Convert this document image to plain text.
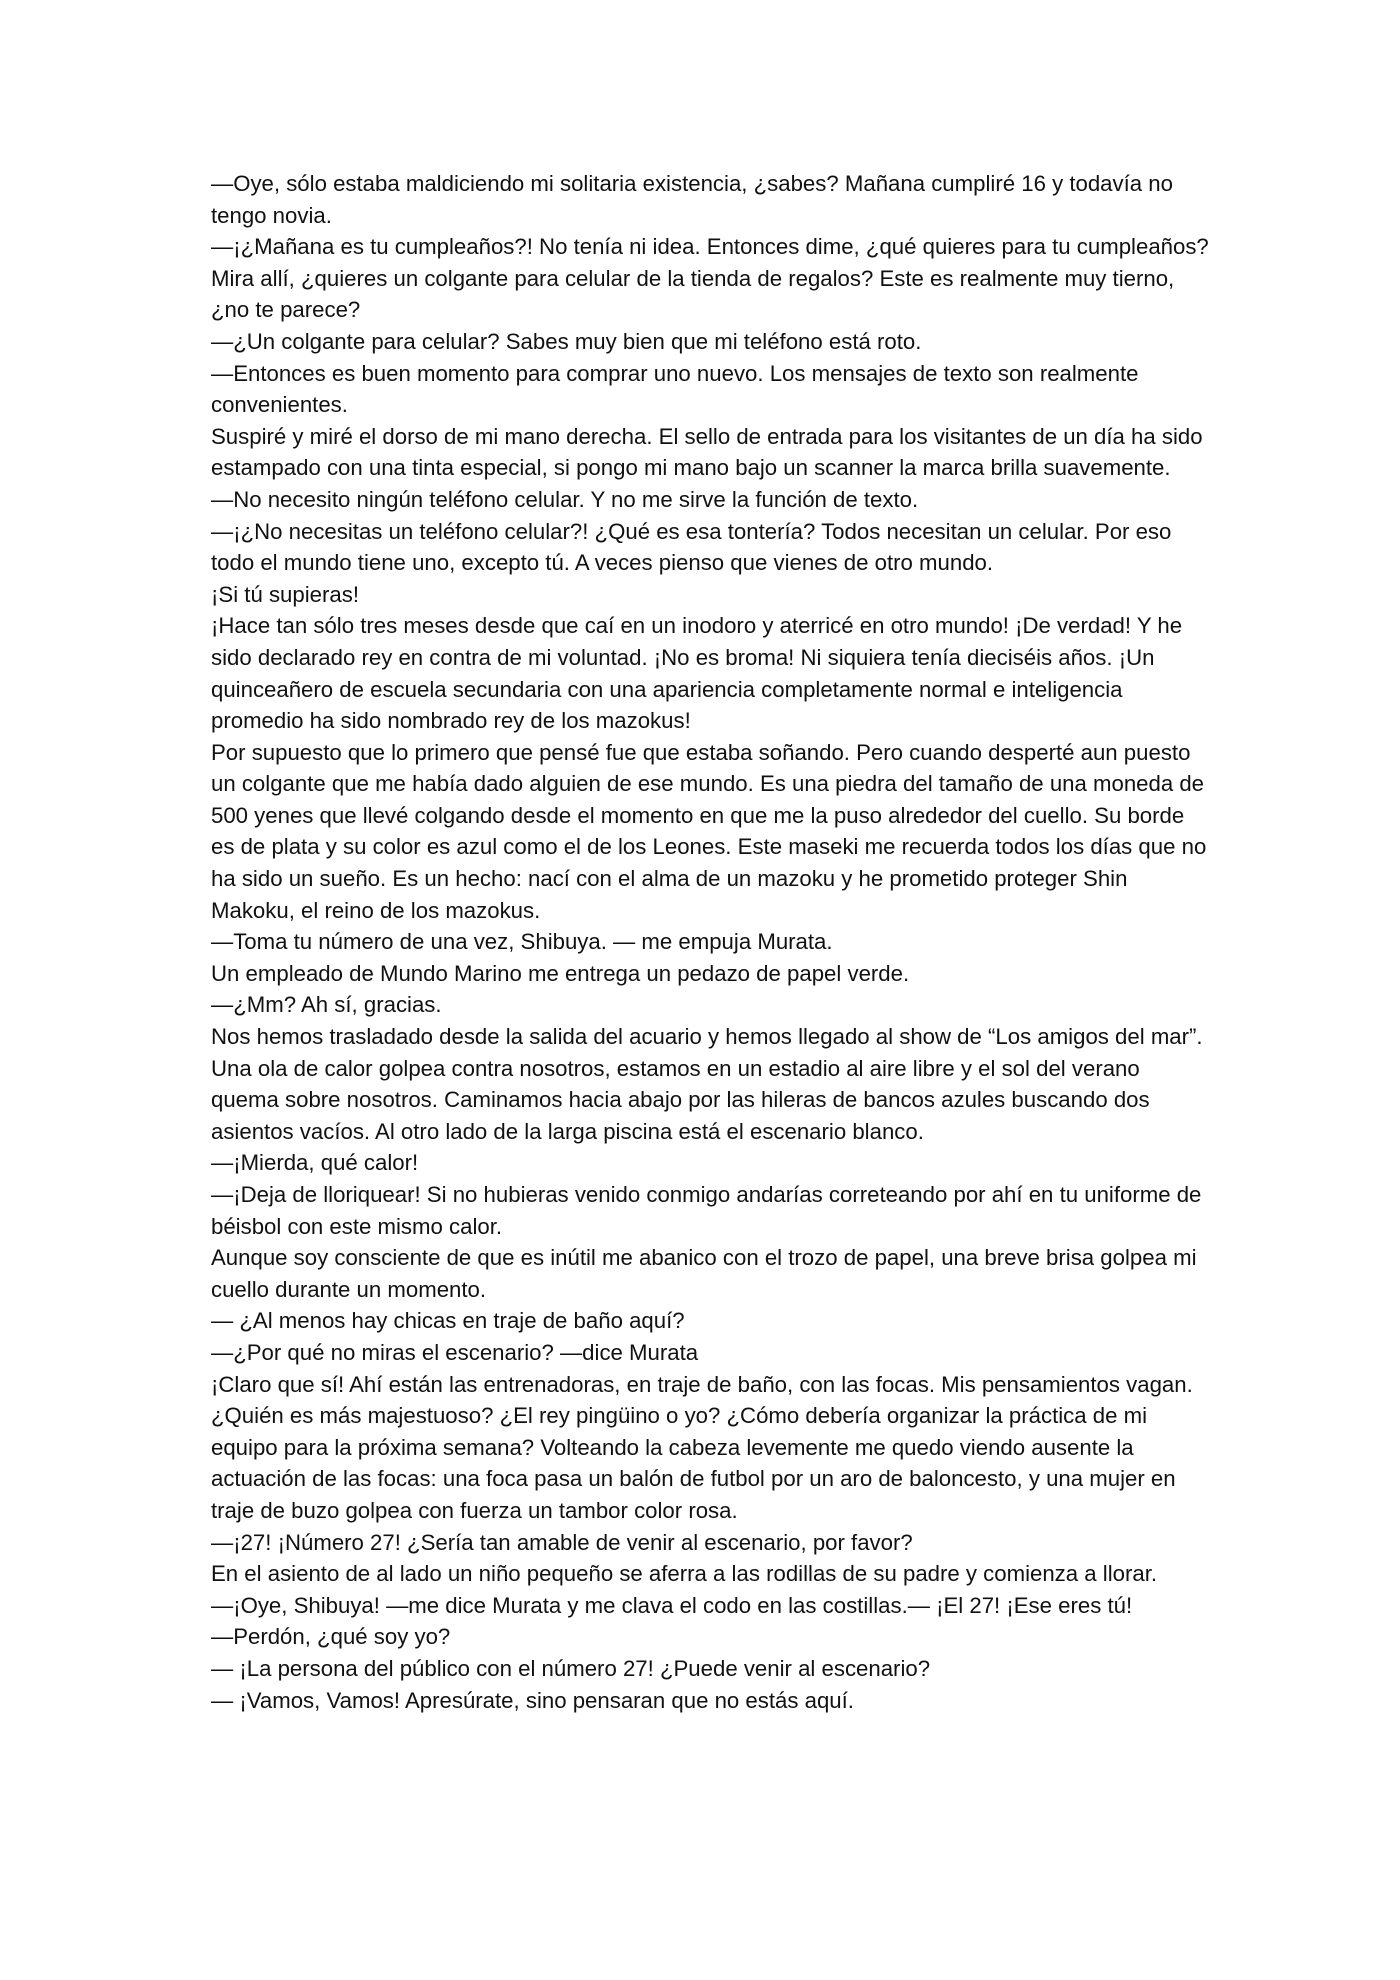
—Oye, sólo estaba maldiciendo mi solitaria existencia, ¿sabes? Mañana cumpliré 16 y todavía no tengo novia.

—¡¿Mañana es tu cumpleaños?! No tenía ni idea. Entonces dime, ¿qué quieres para tu cumpleaños? Mira allí, ¿quieres un colgante para celular de la tienda de regalos? Este es realmente muy tierno, ¿no te parece?

—¿Un colgante para celular? Sabes muy bien que mi teléfono está roto.

—Entonces es buen momento para comprar uno nuevo. Los mensajes de texto son realmente convenientes.

Suspiré y miré el dorso de mi mano derecha. El sello de entrada para los visitantes de un día ha sido estampado con una tinta especial, si pongo mi mano bajo un scanner la marca brilla suavemente.

—No necesito ningún teléfono celular. Y no me sirve la función de texto.

—¡¿No necesitas un teléfono celular?! ¿Qué es esa tontería? Todos necesitan un celular. Por eso todo el mundo tiene uno, excepto tú. A veces pienso que vienes de otro mundo.

¡Si tú supieras!

¡Hace tan sólo tres meses desde que caí en un inodoro y aterricé en otro mundo! ¡De verdad! Y he sido declarado rey en contra de mi voluntad. ¡No es broma! Ni siquiera tenía dieciséis años. ¡Un quinceañero de escuela secundaria con una apariencia completamente normal e inteligencia promedio ha sido nombrado rey de los mazokus!

Por supuesto que lo primero que pensé fue que estaba soñando. Pero cuando desperté aun puesto un colgante que me había dado alguien de ese mundo. Es una piedra del tamaño de una moneda de 500 yenes que llevé colgando desde el momento en que me la puso alrededor del cuello. Su borde es de plata y su color es azul como el de los Leones. Este maseki me recuerda todos los días que no ha sido un sueño. Es un hecho: nací con el alma de un mazoku y he prometido proteger Shin Makoku, el reino de los mazokus.

—Toma tu número de una vez, Shibuya. — me empuja Murata.

Un empleado de Mundo Marino me entrega un pedazo de papel verde.

—¿Mm? Ah sí, gracias.

Nos hemos trasladado desde la salida del acuario y hemos llegado al show de “Los amigos del mar”. Una ola de calor golpea contra nosotros, estamos en un estadio al aire libre y el sol del verano quema sobre nosotros. Caminamos hacia abajo por las hileras de bancos azules buscando dos asientos vacíos. Al otro lado de la larga piscina está el escenario blanco.

—¡Mierda, qué calor!

—¡Deja de lloriquear! Si no hubieras venido conmigo andarías correteando por ahí en tu uniforme de béisbol con este mismo calor.

Aunque soy consciente de que es inútil me abanico con el trozo de papel, una breve brisa golpea mi cuello durante un momento.

— ¿Al menos hay chicas en traje de baño aquí?

—¿Por qué no miras el escenario? —dice Murata

¡Claro que sí! Ahí están las entrenadoras, en traje de baño, con las focas. Mis pensamientos vagan. ¿Quién es más majestuoso? ¿El rey pingüino o yo? ¿Cómo debería organizar la práctica de mi equipo para la próxima semana? Volteando la cabeza levemente me quedo viendo ausente la actuación de las focas: una foca pasa un balón de futbol por un aro de baloncesto, y una mujer en traje de buzo golpea con fuerza un tambor color rosa.

—¡27! ¡Número 27! ¿Sería tan amable de venir al escenario, por favor?

En el asiento de al lado un niño pequeño se aferra a las rodillas de su padre y comienza a llorar.

—¡Oye, Shibuya! —me dice Murata y me clava el codo en las costillas.— ¡El 27! ¡Ese eres tú!

—Perdón, ¿qué soy yo?

— ¡La persona del público con el número 27! ¿Puede venir al escenario?

— ¡Vamos, Vamos! Apresúrate, sino pensaran que no estás aquí.
